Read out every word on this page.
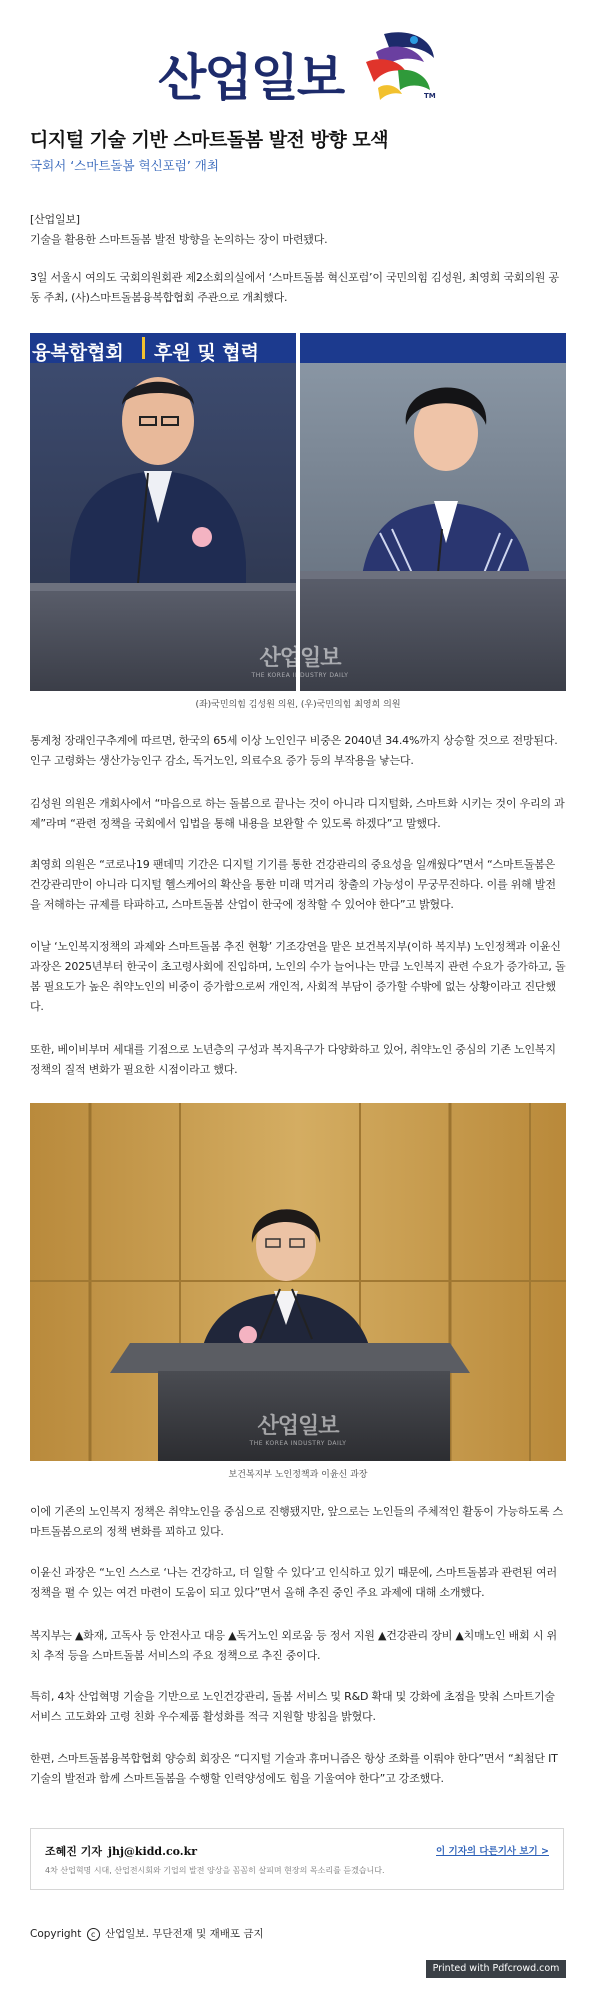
산업일보	TM
디지털 기술 기반 스마트돌봄 발전 방향 모색
국회서 ‘스마트돌봄 혁신포럼’ 개최

[산업일보]
기술을 활용한 스마트돌봄 발전 방향을 논의하는 장이 마련됐다.

3일 서울시 여의도 국회의원회관 제2소회의실에서 ‘스마트돌봄 혁신포럼’이 국민의힘 김성원, 최영희 국회의원 공동 주최, (사)스마트돌봄융복합협회 주관으로 개최했다.

융복합협회	후원 및 협력
산업일보
THE KOREA INDUSTRY DAILY
(좌)국민의힘 김성원 의원, (우)국민의힘 최영희 의원

통계청 장래인구추계에 따르면, 한국의 65세 이상 노인인구 비중은 2040년 34.4%까지 상승할 것으로 전망된다. 인구 고령화는 생산가능인구 감소, 독거노인, 의료수요 증가 등의 부작용을 낳는다.

김성원 의원은 개회사에서 “마음으로 하는 돌봄으로 끝나는 것이 아니라 디지털화, 스마트화 시키는 것이 우리의 과제”라며 “관련 정책을 국회에서 입법을 통해 내용을 보완할 수 있도록 하겠다”고 말했다.

최영희 의원은 “코로나19 팬데믹 기간은 디지털 기기를 통한 건강관리의 중요성을 일깨웠다”면서 “스마트돌봄은 건강관리만이 아니라 디지털 헬스케어의 확산을 통한 미래 먹거리 창출의 가능성이 무궁무진하다. 이를 위해 발전을 저해하는 규제를 타파하고, 스마트돌봄 산업이 한국에 정착할 수 있어야 한다”고 밝혔다.

이날 ‘노인복지정책의 과제와 스마트돌봄 추진 현황’ 기조강연을 맡은 보건복지부(이하 복지부) 노인정책과 이윤신 과장은 2025년부터 한국이 초고령사회에 진입하며, 노인의 수가 늘어나는 만큼 노인복지 관련 수요가 증가하고, 돌봄 필요도가 높은 취약노인의 비중이 증가함으로써 개인적, 사회적 부담이 증가할 수밖에 없는 상황이라고 진단했다.

또한, 베이비부머 세대를 기점으로 노년층의 구성과 복지욕구가 다양화하고 있어, 취약노인 중심의 기존 노인복지 정책의 질적 변화가 필요한 시점이라고 했다.

산업일보
THE KOREA INDUSTRY DAILY
보건복지부 노인정책과 이윤신 과장

이에 기존의 노인복지 정책은 취약노인을 중심으로 진행됐지만, 앞으로는 노인들의 주체적인 활동이 가능하도록 스마트돌봄으로의 정책 변화를 꾀하고 있다.

이윤신 과장은 “노인 스스로 ‘나는 건강하고, 더 일할 수 있다’고 인식하고 있기 때문에, 스마트돌봄과 관련된 여러 정책을 펼 수 있는 여건 마련이 도움이 되고 있다”면서 올해 추진 중인 주요 과제에 대해 소개했다.

복지부는 ▲화재, 고독사 등 안전사고 대응 ▲독거노인 외로움 등 정서 지원 ▲건강관리 장비 ▲치매노인 배회 시 위치 추적 등을 스마트돌봄 서비스의 주요 정책으로 추진 중이다.

특히, 4차 산업혁명 기술을 기반으로 노인건강관리, 돌봄 서비스 및 R&D 확대 및 강화에 초점을 맞춰 스마트기술 서비스 고도화와 고령 친화 우수제품 활성화를 적극 지원할 방침을 밝혔다.

한편, 스마트돌봄융복합협회 양승희 회장은 “디지털 기술과 휴머니즘은 항상 조화를 이뤄야 한다”면서 “최첨단 IT 기술의 발전과 함께 스마트돌봄을 수행할 인력양성에도 힘을 기울여야 한다”고 강조했다.

조혜진 기자 jhj@kidd.co.kr	이 기자의 다른기사 보기 >
4차 산업혁명 시대, 산업전시회와 기업의 발전 양상을 꼼꼼히 살피며 현장의 목소리를 듣겠습니다.
Copyright c 산업일보. 무단전재 및 재배포 금지
Printed with Pdfcrowd.com
